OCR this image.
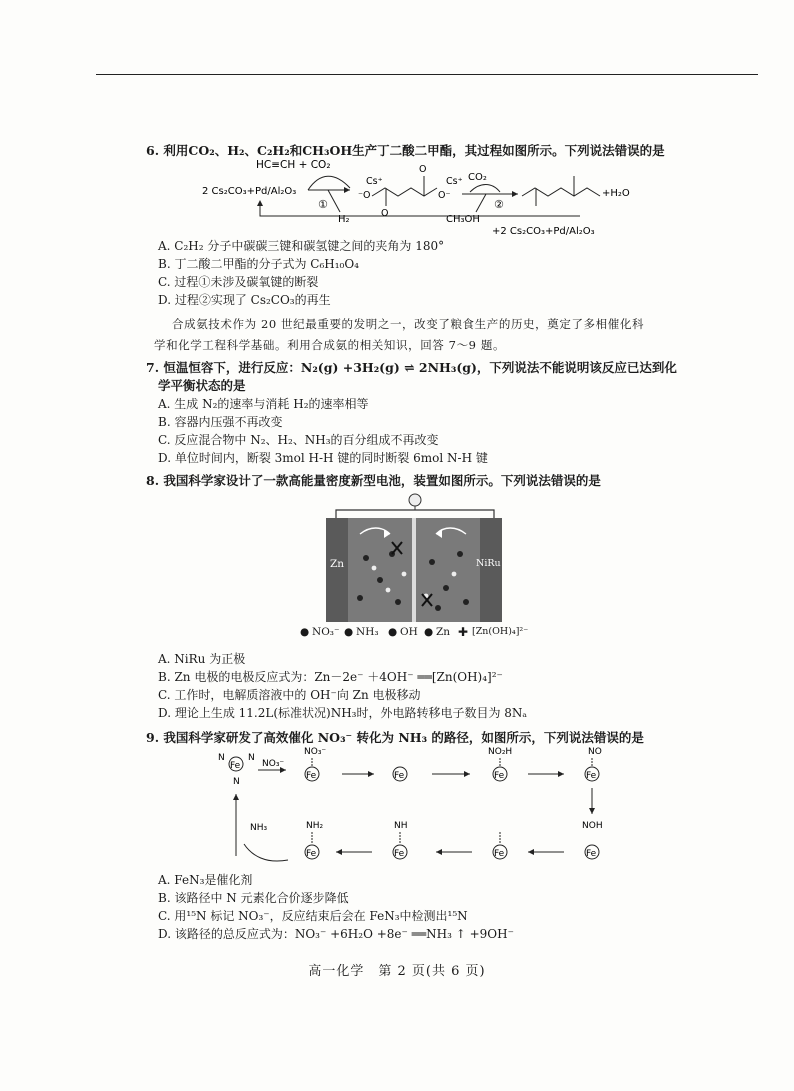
6. 利用CO₂、H₂、C₂H₂和CH₃OH生产丁二酸二甲酯，其过程如图所示。下列说法错误的是
HC≡CH + CO₂
2 Cs₂CO₃+Pd/Al₂O₃
①
H₂
Cs⁺
⁻O
O
O
O⁻
Cs⁺ CO₂
②
CH₃OH
+H₂O
+2 Cs₂CO₃+Pd/Al₂O₃
A. C₂H₂ 分子中碳碳三键和碳氢键之间的夹角为 180°
B. 丁二酸二甲酯的分子式为 C₆H₁₀O₄
C. 过程①未涉及碳氧键的断裂
D. 过程②实现了 Cs₂CO₃的再生
合成氨技术作为 20 世纪最重要的发明之一，改变了粮食生产的历史，奠定了多相催化科
学和化学工程科学基础。利用合成氨的相关知识，回答 7～9 题。
7. 恒温恒容下，进行反应：N₂(g) +3H₂(g) ⇌ 2NH₃(g)，下列说法不能说明该反应已达到化
学平衡状态的是
A. 生成 N₂的速率与消耗 H₂的速率相等
B. 容器内压强不再改变
C. 反应混合物中 N₂、H₂、NH₃的百分组成不再改变
D. 单位时间内，断裂 3mol H-H 键的同时断裂 6mol N-H 键
8. 我国科学家设计了一款高能量密度新型电池，装置如图所示。下列说法错误的是
Zn	NiRu
● NO₃⁻ ● NH₃ ● OH ● Zn ✚ [Zn(OH)₄]²⁻
A. NiRu 为正极
B. Zn 电极的电极反应式为：Zn－2e⁻ ＋4OH⁻ ══[Zn(OH)₄]²⁻
C. 工作时，电解质溶液中的 OH⁻向 Zn 电极移动
D. 理论上生成 11.2L(标准状况)NH₃时，外电路转移电子数目为 8Nₐ
9. 我国科学家研发了高效催化 NO₃⁻ 转化为 NH₃ 的路径，如图所示，下列说法错误的是
Fe
N	N
N
NO₃⁻
NO₃⁻
Fe	Fe
NO₂H
Fe
NO
Fe
NOH
Fe
Fe
NH
Fe
NH₂
Fe
NH₃
A. FeN₃是催化剂
B. 该路径中 N 元素化合价逐步降低
C. 用¹⁵N 标记 NO₃⁻，反应结束后会在 FeN₃中检测出¹⁵N
D. 该路径的总反应式为：NO₃⁻ +6H₂O +8e⁻ ══NH₃ ↑ +9OH⁻
高一化学　第 2 页(共 6 页)
